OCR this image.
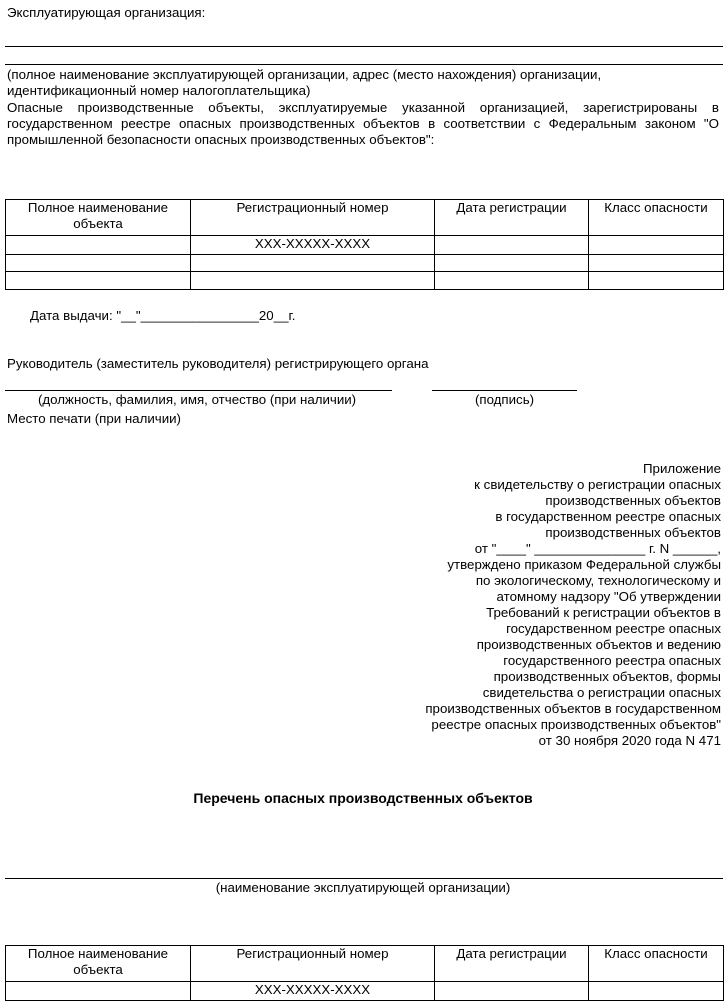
Эксплуатирующая организация:
(полное наименование эксплуатирующей организации, адрес (место нахождения) организации,
идентификационный номер налогоплательщика)
Опасные производственные объекты, эксплуатируемые указанной организацией, зарегистрированы в государственном реестре опасных производственных объектов в соответствии с Федеральным законом "О промышленной безопасности опасных производственных объектов":
Полное наименование объекта	Регистрационный номер	Дата регистрации	Класс опасности
	XXX-XXXXX-XXXX		

Дата выдачи: "__"________________20__г.
Руководитель (заместитель руководителя) регистрирующего органа
(должность, фамилия, имя, отчество (при наличии)	(подпись)
Место печати (при наличии)
Приложение
к свидетельству о регистрации опасных
производственных объектов
в государственном реестре опасных
производственных объектов
от "____" _______________ г. N ______,
утверждено приказом Федеральной службы
по экологическому, технологическому и
атомному надзору "Об утверждении
Требований к регистрации объектов в
государственном реестре опасных
производственных объектов и ведению
государственного реестра опасных
производственных объектов, формы
свидетельства о регистрации опасных
производственных объектов в государственном
реестре опасных производственных объектов"
от 30 ноября 2020 года N 471
Перечень опасных производственных объектов
(наименование эксплуатирующей организации)
Полное наименование объекта	Регистрационный номер	Дата регистрации	Класс опасности
	XXX-XXXXX-XXXX		
